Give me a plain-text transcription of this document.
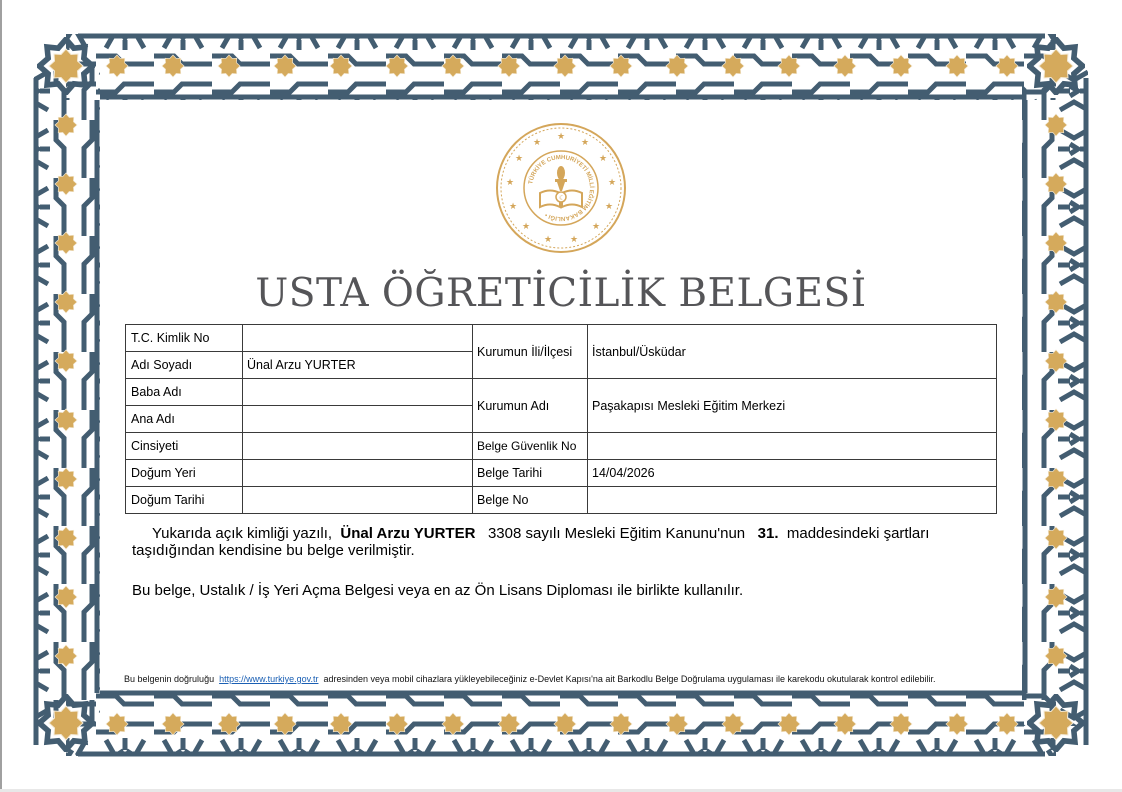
TÜRKİYE CUMHURİYETİ MİLLİ EĞİTİM BAKANLIĞI •
★
★
★
★
★
★
★
★
★
★
★
★
★
☾
USTA ÖĞRETİCİLİK BELGESİ
T.C. Kimlik No		Kurumun İli/İlçesi	İstanbul/Üsküdar
Adı Soyadı	Ünal Arzu YURTER		
Baba Adı		Kurumun Adı	Paşakapısı Mesleki Eğitim Merkezi
Ana Adı			
Cinsiyeti		Belge Güvenlik No	
Doğum Yeri		Belge Tarihi	14/04/2026
Doğum Tarihi		Belge No	
Yukarıda açık kimliği yazılı, Ünal Arzu YURTER 3308 sayılı Mesleki Eğitim Kanunu'nun 31. maddesindeki şartları taşıdığından kendisine bu belge verilmiştir.
Bu belge, Ustalık / İş Yeri Açma Belgesi veya en az Ön Lisans Diploması ile birlikte kullanılır.
Bu belgenin doğruluğu https://www.turkiye.gov.tr adresinden veya mobil cihazlara yükleyebileceğiniz e-Devlet Kapısı'na ait Barkodlu Belge Doğrulama uygulaması ile karekodu okutularak kontrol edilebilir.
